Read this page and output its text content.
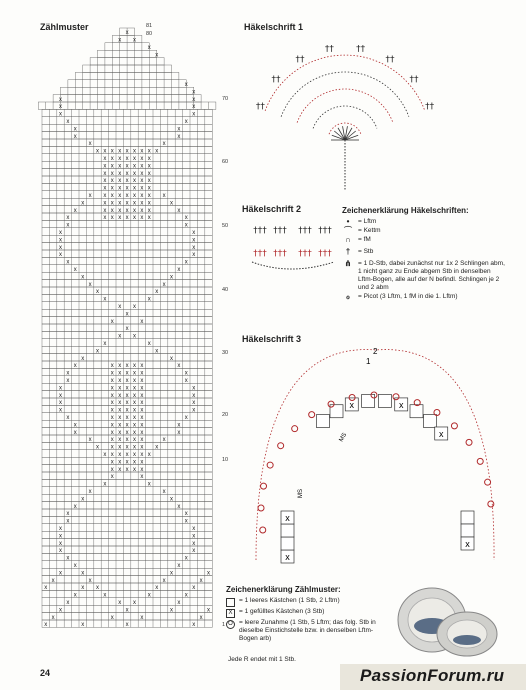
Zählmuster
x
x x
x
x
x
x
x	x
x	x
x	x
x	x
x	x
x	x
x	x
x x x x x x x x x
x x x x x x x
x x x x x x x
x x x x x x x
x x x x x x x
x x x x x x x
x x x x x x x x x
x	x x x x x x x	x
x	x x x x x x x	x
x	x x x x x x x	x
x	x
x	x
x	x
x	x
x	x
x	x
x	x
x	x
x	x
x	x
x	x
x x
x
x	x
x
x x
x	x
x	x
x	x
x	x x x x x	x
x	x x x x x	x
x	x x x x x	x
x	x x x x x	x
x	x x x x x	x
x	x x x x x	x
x	x x x x x	x
x	x x x x x	x
x	x x x x x	x
x	x x x x x	x
x	x x x x x	x
x x x x x x x
x x x x x x x
x x x x x
x x x x x
x	x
x	x
x	x
x	x
x	x
x	x
x	x
x	x
x	x
x	x
x	x
x	x
x	x
x	x	x	x
x	x	x	x
x	x x	x	x
x	x	x	x
x	x x	x
x	x	x	x
x	x	x	x
x	x	x	x
81
80
70
60
50
40
30
20
10
1
Häkelschrift 1
††
††
††
†† ††
††
††
††
Häkelschrift 2
††† ††† ††† †††
††† ††† ††† †††
Zeichenerklärung Häkelschriften:
•	= Lftm
⌒ = Kettm
∩	= fM
†	= Stb
⋔	= 1 D-Stb, dabei zunächst nur 1x 2 Schlingen abm, 1 nicht ganz zu Ende abgem Stb in denselben Lftm-Bogen, alle auf der N befindl. Schlingen je 2 und 2 abm
ℴ	= Picot (3 Lftm, 1 fM in die 1. Lftm)
Häkelschrift 3
x
x
x	x
x
x
2
1
MS
MS
Zeichenerklärung Zählmuster:
= 1 leeres Kästchen (1 Stb, 2 Lftm)
X	= 1 gefülltes Kästchen (3 Stb)
O = leere Zunahme (1 Stb, 5 Lftm; das folg. Stb in dieselbe Einstichstelle bzw. in denselben Lftm-Bogen arb)
24
Jede R endet mit 1 Stb.
PassionForum.ru
